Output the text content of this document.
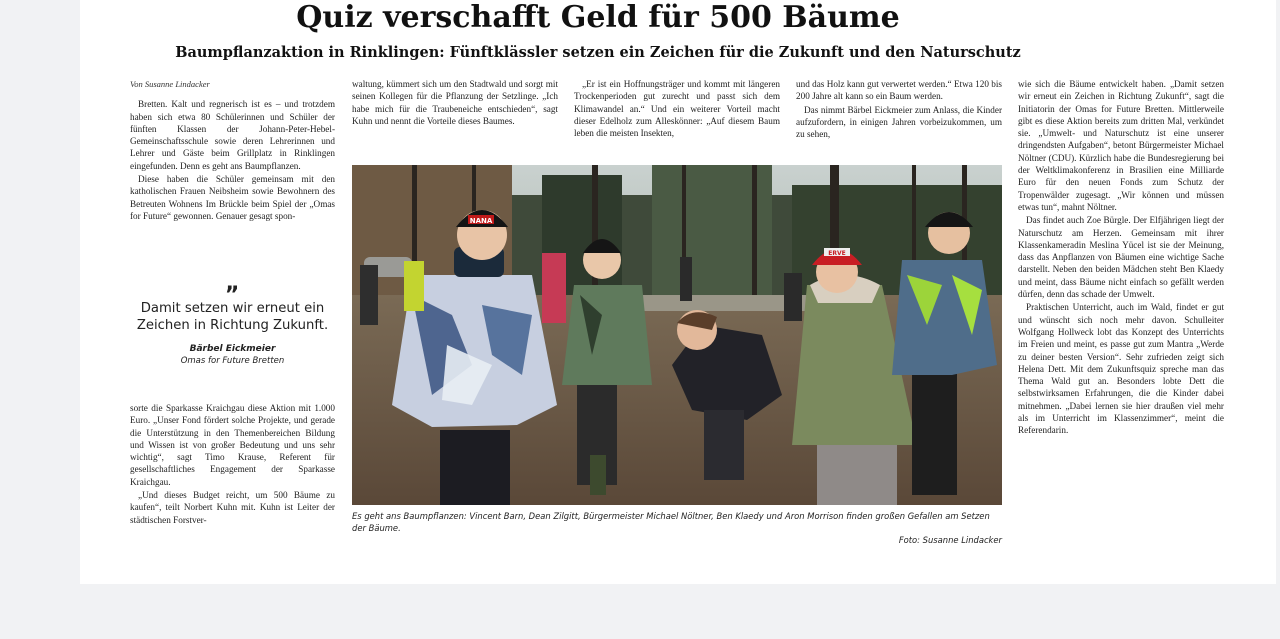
Quiz verschafft Geld für 500 Bäume
Baumpflanzaktion in Rinklingen: Fünftklässler setzen ein Zeichen für die Zukunft und den Naturschutz
Von Susanne Lindacker

Bretten. Kalt und regnerisch ist es – und trotzdem haben sich etwa 80 Schülerinnen und Schüler der fünften Klassen der Johann-Peter-Hebel-Gemeinschaftsschule sowie deren Lehrerinnen und Lehrer und Gäste beim Grillplatz in Rinklingen eingefunden. Denn es geht ans Baumpflanzen.

Diese haben die Schüler gemeinsam mit den katholischen Frauen Neibsheim sowie Bewohnern des Betreuten Wohnens Im Brückle beim Spiel der „Omas for Future“ gewonnen. Genauer gesagt spon-

„
Damit setzen wir erneut ein Zeichen in Richtung Zukunft.
Bärbel Eickmeier
Omas for Future Bretten

sorte die Sparkasse Kraichgau diese Aktion mit 1.000 Euro. „Unser Fond fördert solche Projekte, und gerade die Unterstützung in den Themenbereichen Bildung und Wissen ist von großer Bedeutung und uns sehr wichtig“, sagt Timo Krause, Referent für gesellschaftliches Engagement der Sparkasse Kraichgau.

„Und dieses Budget reicht, um 500 Bäume zu kaufen“, teilt Norbert Kuhn mit. Kuhn ist Leiter der städtischen Forstver-

waltung, kümmert sich um den Stadtwald und sorgt mit seinen Kollegen für die Pflanzung der Setzlinge. „Ich habe mich für die Traubeneiche entschieden“, sagt Kuhn und nennt die Vorteile dieses Baumes.

„Er ist ein Hoffnungsträger und kommt mit längeren Trockenperioden gut zurecht und passt sich dem Klimawandel an.“ Und ein weiterer Vorteil macht dieser Edelholz zum Alleskönner: „Auf diesem Baum leben die meisten Insekten,

und das Holz kann gut verwertet werden.“ Etwa 120 bis 200 Jahre alt kann so ein Baum werden.

Das nimmt Bärbel Eickmeier zum Anlass, die Kinder aufzufordern, in einigen Jahren vorbeizukommen, um zu sehen,

wie sich die Bäume entwickelt haben. „Damit setzen wir erneut ein Zeichen in Richtung Zukunft“, sagt die Initiatorin der Omas for Future Bretten. Mittlerweile gibt es diese Aktion bereits zum dritten Mal, verkündet sie. „Umwelt- und Naturschutz ist eine unserer dringendsten Aufgaben“, betont Bürgermeister Michael Nöltner (CDU). Kürzlich habe die Bundesregierung bei der Weltklimakonferenz in Brasilien eine Milliarde Euro für den neuen Fonds zum Schutz der Tropenwälder zugesagt. „Wir können und müssen etwas tun“, mahnt Nöltner.

Das findet auch Zoe Bürgle. Der Elfjährigen liegt der Naturschutz am Herzen. Gemeinsam mit ihrer Klassenkameradin Meslina Yücel ist sie der Meinung, dass das Anpflanzen von Bäumen eine wichtige Sache darstellt. Neben den beiden Mädchen steht Ben Klaedy und meint, dass Bäume nicht einfach so gefällt werden dürfen, denn das schade der Umwelt.

Praktischen Unterricht, auch im Wald, findet er gut und wünscht sich noch mehr davon. Schulleiter Wolfgang Hollweck lobt das Konzept des Unterrichts im Freien und meint, es passe gut zum Mantra „Werde zu deiner besten Version“. Sehr zufrieden zeigt sich Helena Dett. Mit dem Zukunftsquiz spreche man das Thema Wald gut an. Besonders lobte Dett die selbstwirksamen Erfahrungen, die die Kinder dabei mitnehmen. „Dabei lernen sie hier draußen viel mehr als im Unterricht im Klassenzimmer“, meint die Referendarin.

NANA
ERVE
Es geht ans Baumpflanzen: Vincent Barn, Dean Zilgitt, Bürgermeister Michael Nöltner, Ben Klaedy und Aron Morrison finden großen Gefallen am Setzen der Bäume.
Foto: Susanne Lindacker
